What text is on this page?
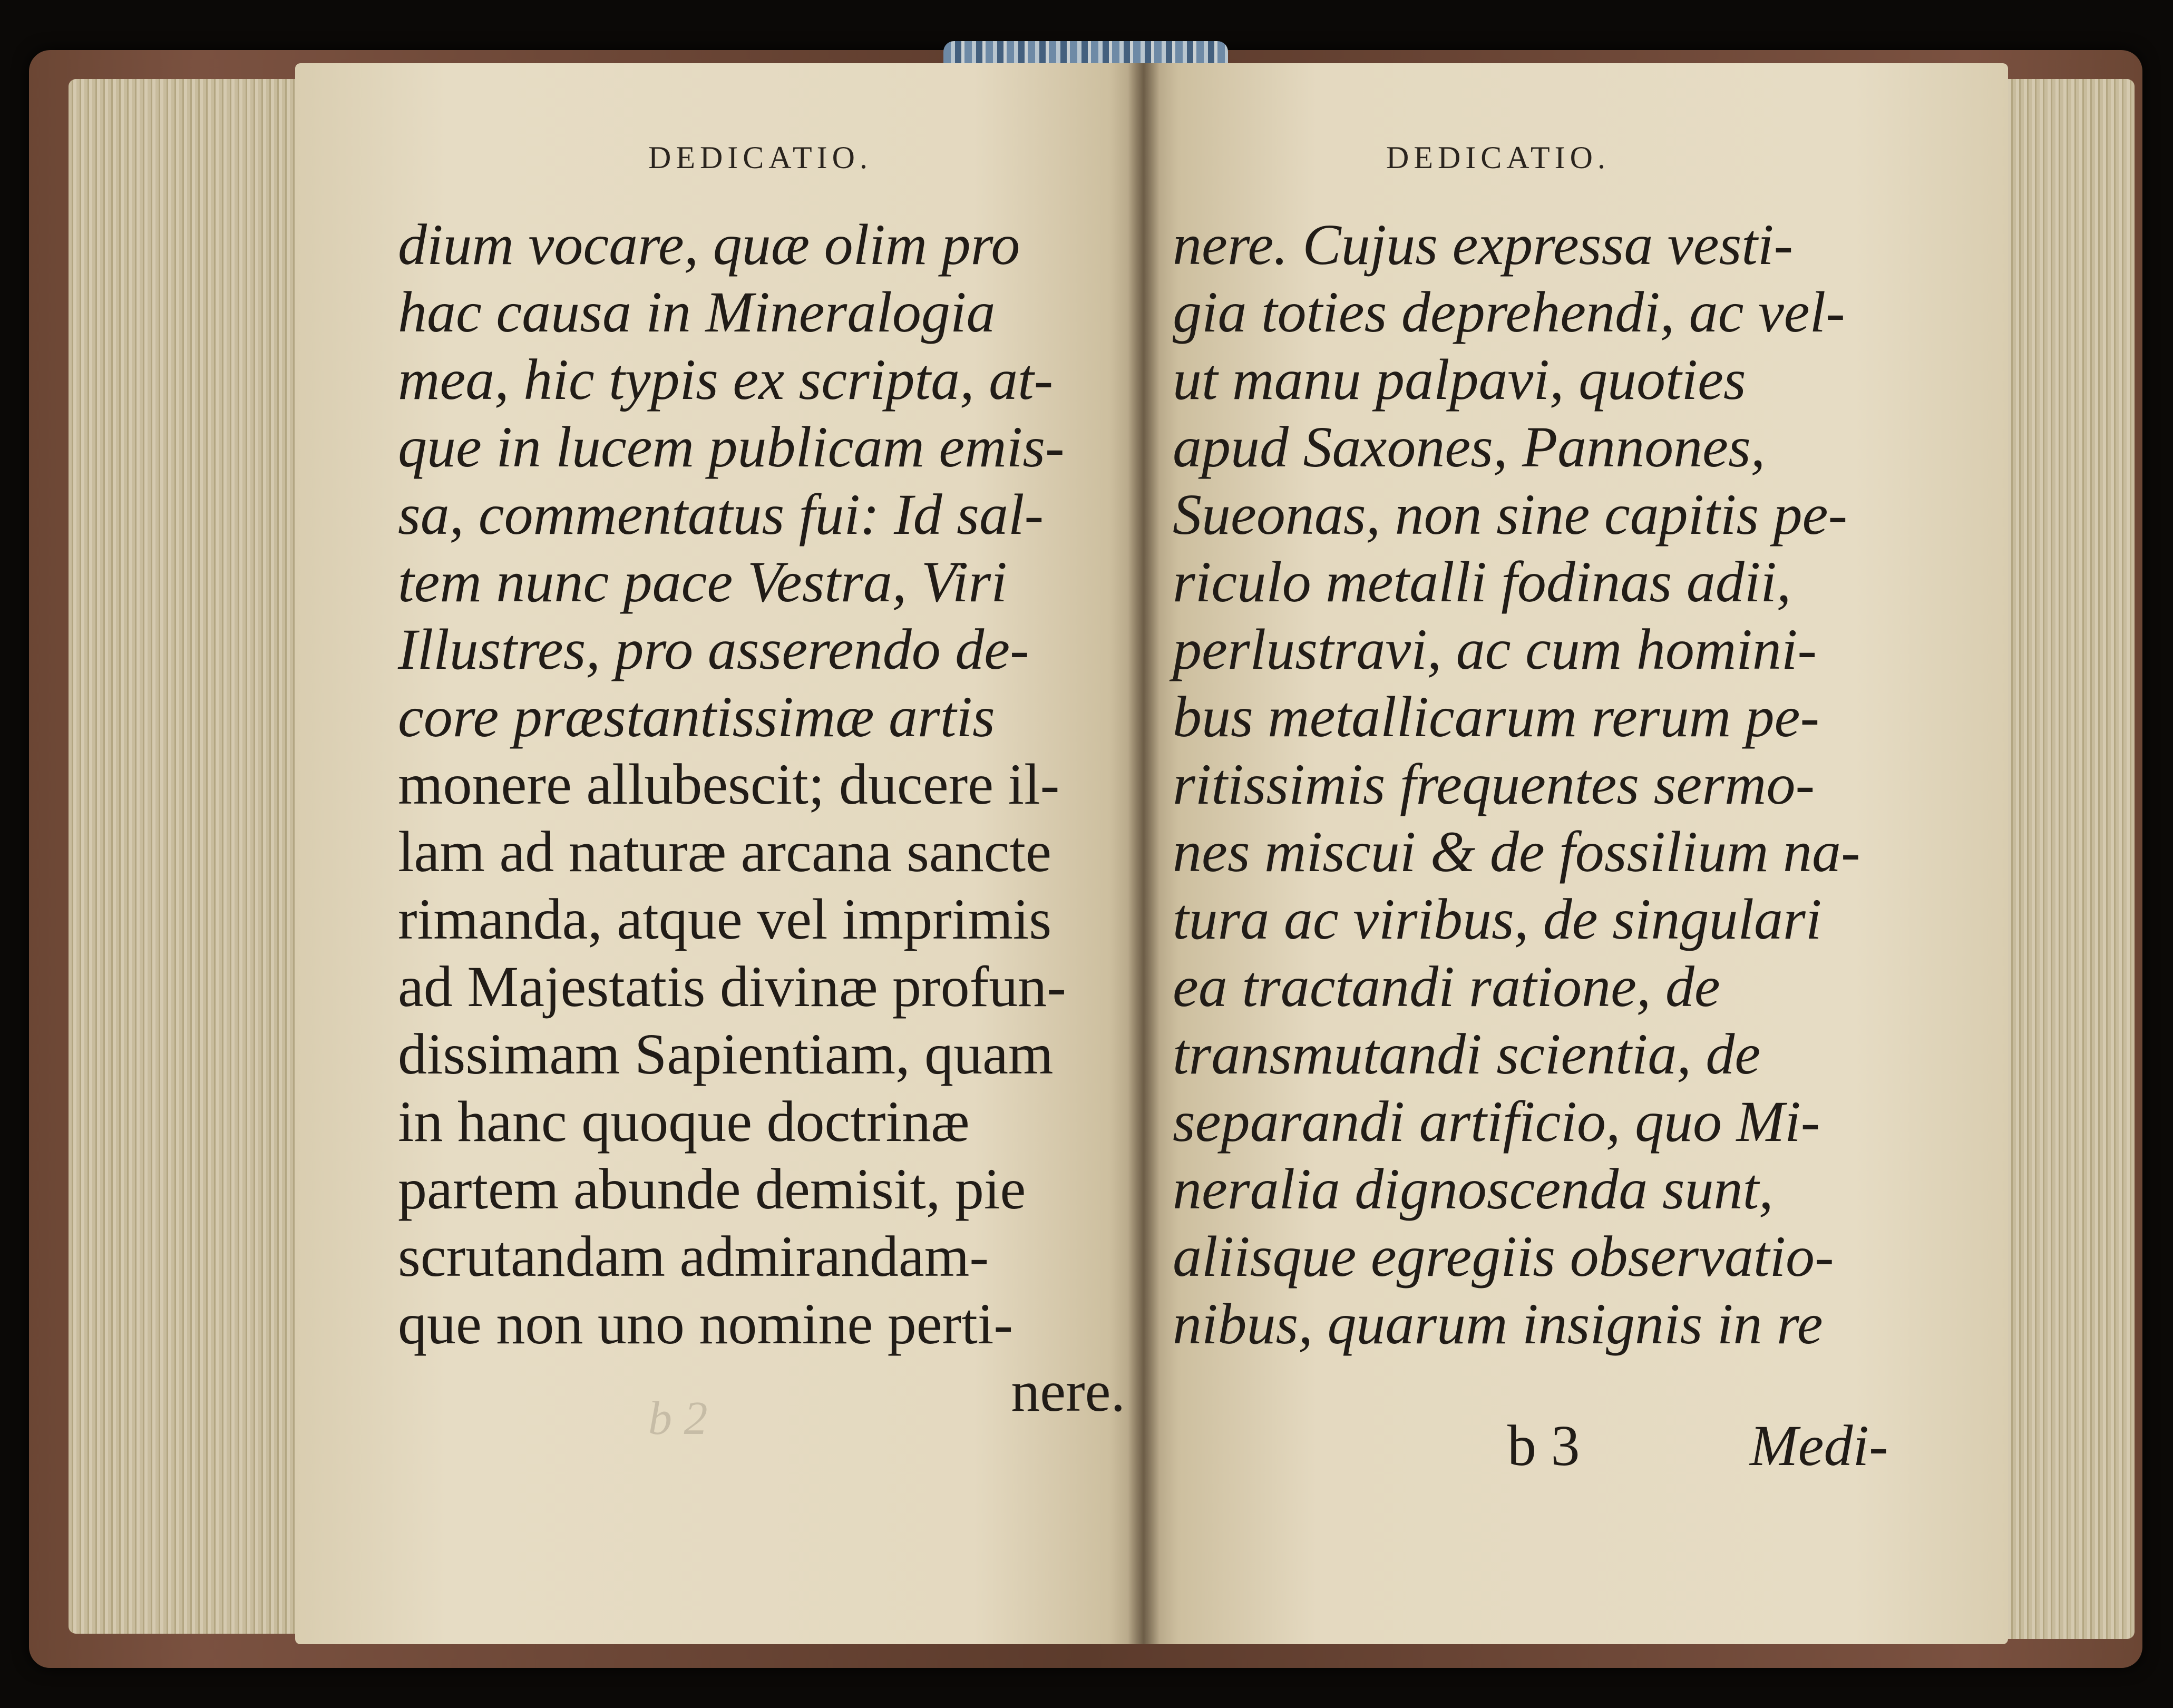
DEDICATIO.	DEDICATIO.
b 2
dium vocare, quæ olim pro
hac causa in Mineralogia
mea, hic typis ex scripta, at-
que in lucem publicam emis-
sa, commentatus fui: Id sal-
tem nunc pace Vestra, Viri
Illustres, pro asserendo de-
core præstantissimæ artis
monere allubescit; ducere il-
lam ad naturæ arcana sancte
rimanda, atque vel imprimis
ad Majestatis divinæ profun-
dissimam Sapientiam, quam
in hanc quoque doctrinæ
partem abunde demisit, pie
scrutandam admirandam-
que non uno nomine perti-
nere.
nere. Cujus expressa vesti-
gia toties deprehendi, ac vel-
ut manu palpavi, quoties
apud Saxones, Pannones,
Sueonas, non sine capitis pe-
riculo metalli fodinas adii,
perlustravi, ac cum homini-
bus metallicarum rerum pe-
ritissimis frequentes sermo-
nes miscui & de fossilium na-
tura ac viribus, de singulari
ea tractandi ratione, de
transmutandi scientia, de
separandi artificio, quo Mi-
neralia dignoscenda sunt,
aliisque egregiis observatio-
nibus, quarum insignis in re
b 3	Medi-
